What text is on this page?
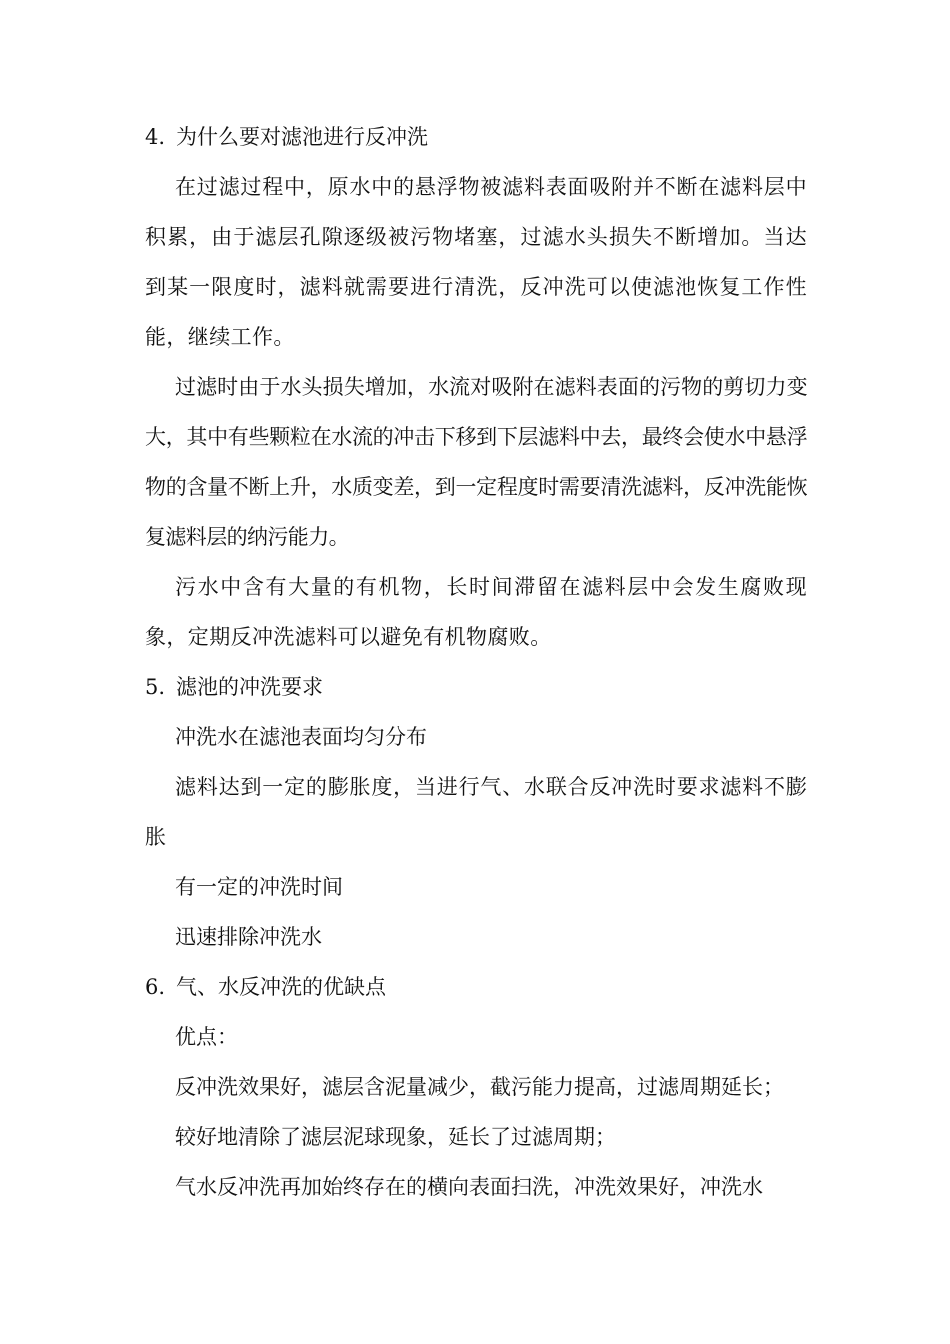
4. 为什么要对滤池进行反冲洗

在过滤过程中，原水中的悬浮物被滤料表面吸附并不断在滤料层中积累，由于滤层孔隙逐级被污物堵塞，过滤水头损失不断增加。当达到某一限度时，滤料就需要进行清洗，反冲洗可以使滤池恢复工作性能，继续工作。

过滤时由于水头损失增加，水流对吸附在滤料表面的污物的剪切力变大，其中有些颗粒在水流的冲击下移到下层滤料中去，最终会使水中悬浮物的含量不断上升，水质变差，到一定程度时需要清洗滤料，反冲洗能恢复滤料层的纳污能力。

污水中含有大量的有机物，长时间滞留在滤料层中会发生腐败现象，定期反冲洗滤料可以避免有机物腐败。

5. 滤池的冲洗要求

冲洗水在滤池表面均匀分布

滤料达到一定的膨胀度，当进行气、水联合反冲洗时要求滤料不膨胀

有一定的冲洗时间

迅速排除冲洗水

6. 气、水反冲洗的优缺点

优点：

反冲洗效果好，滤层含泥量减少，截污能力提高，过滤周期延长；

较好地清除了滤层泥球现象，延长了过滤周期；

气水反冲洗再加始终存在的横向表面扫洗，冲洗效果好，冲洗水
